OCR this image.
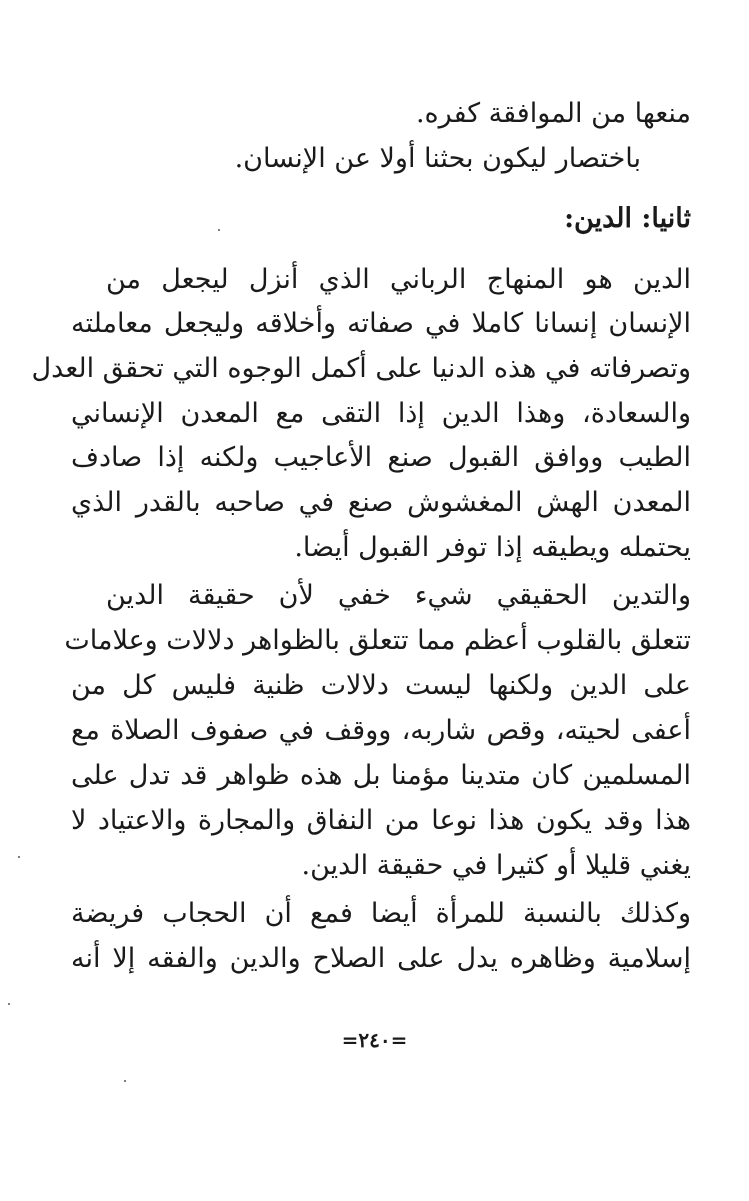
منعها من الموافقة كفره.
باختصار ليكون بحثنا أولا عن الإنسان.
ثانيا: الدين:
الدين هو المنهاج الرباني الذي أنزل ليجعل من
الإنسان إنسانا كاملا في صفاته وأخلاقه وليجعل معاملته
وتصرفاته في هذه الدنيا على أكمل الوجوه التي تحقق العدل
والسعادة، وهذا الدين إذا التقى مع المعدن الإنساني
الطيب ووافق القبول صنع الأعاجيب ولكنه إذا صادف
المعدن الهش المغشوش صنع في صاحبه بالقدر الذي
يحتمله ويطيقه إذا توفر القبول أيضا.
والتدين الحقيقي شيء خفي لأن حقيقة الدين
تتعلق بالقلوب أعظم مما تتعلق بالظواهر دلالات وعلامات
على الدين ولكنها ليست دلالات ظنية فليس كل من
أعفى لحيته، وقص شاربه، ووقف في صفوف الصلاة مع
المسلمين كان متدينا مؤمنا بل هذه ظواهر قد تدل على
هذا وقد يكون هذا نوعا من النفاق والمجارة والاعتياد لا
يغني قليلا أو كثيرا في حقيقة الدين.
وكذلك بالنسبة للمرأة أيضا فمع أن الحجاب فريضة
إسلامية وظاهره يدل على الصلاح والدين والفقه إلا أنه
=٢٤٠=
